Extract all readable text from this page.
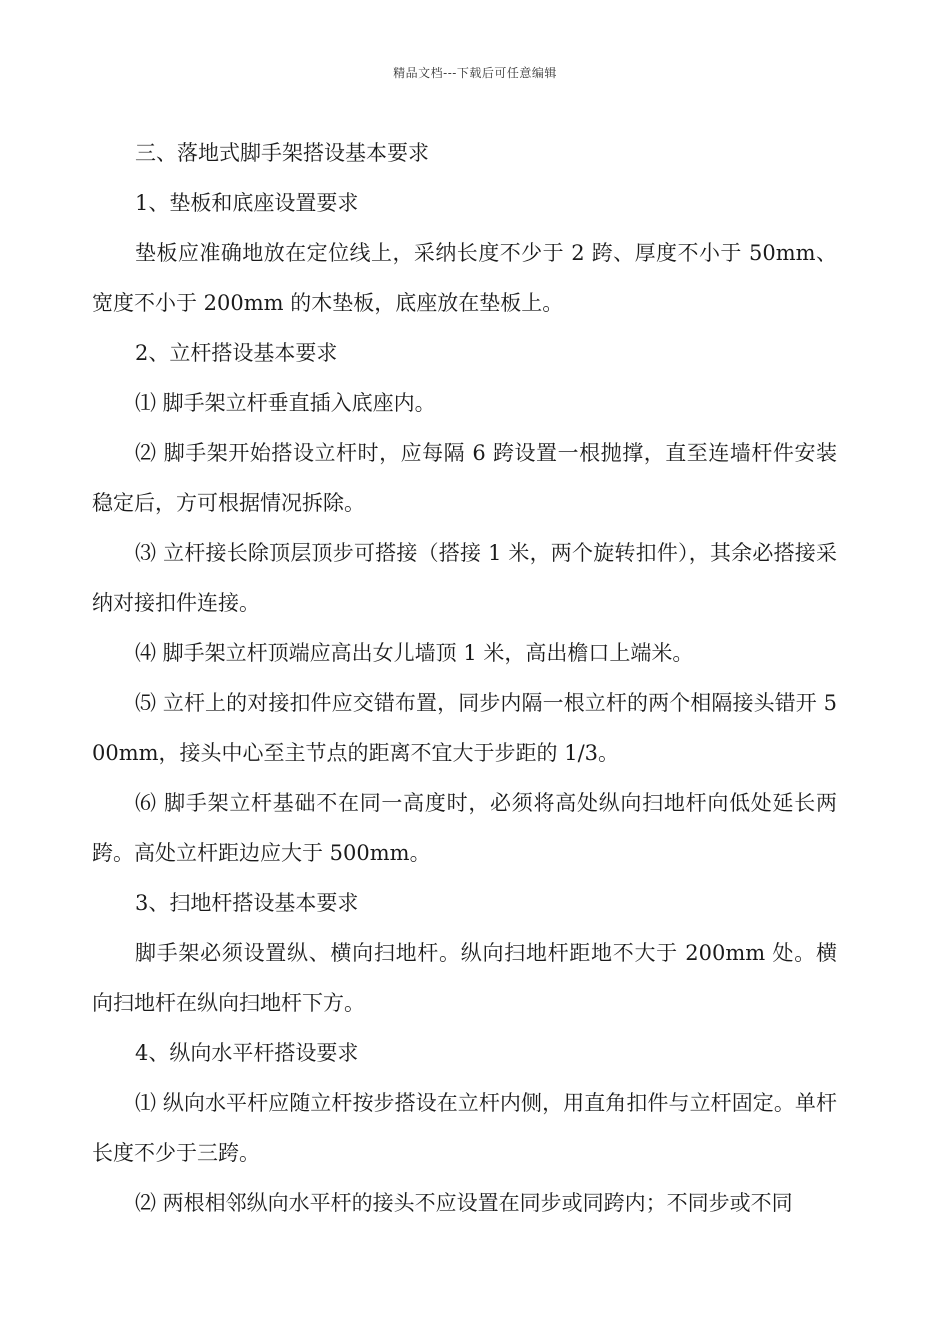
精品文档---下载后可任意编辑

三、落地式脚手架搭设基本要求

1、垫板和底座设置要求

垫板应准确地放在定位线上，采纳长度不少于 2 跨、厚度不小于 50mm、宽度不小于 200mm 的木垫板，底座放在垫板上。

2、立杆搭设基本要求

⑴ 脚手架立杆垂直插入底座内。

⑵ 脚手架开始搭设立杆时，应每隔 6 跨设置一根抛撑，直至连墙杆件安装稳定后，方可根据情况拆除。

⑶ 立杆接长除顶层顶步可搭接（搭接 1 米，两个旋转扣件），其余必搭接采纳对接扣件连接。

⑷ 脚手架立杆顶端应高出女儿墙顶 1 米，高出檐口上端米。

⑸ 立杆上的对接扣件应交错布置，同步内隔一根立杆的两个相隔接头错开 500mm，接头中心至主节点的距离不宜大于步距的 1/3。

⑹ 脚手架立杆基础不在同一高度时，必须将高处纵向扫地杆向低处延长两跨。高处立杆距边应大于 500mm。

3、扫地杆搭设基本要求

脚手架必须设置纵、横向扫地杆。纵向扫地杆距地不大于 200mm 处。横向扫地杆在纵向扫地杆下方。

4、纵向水平杆搭设要求

⑴ 纵向水平杆应随立杆按步搭设在立杆内侧，用直角扣件与立杆固定。单杆长度不少于三跨。

⑵ 两根相邻纵向水平杆的接头不应设置在同步或同跨内；不同步或不同
